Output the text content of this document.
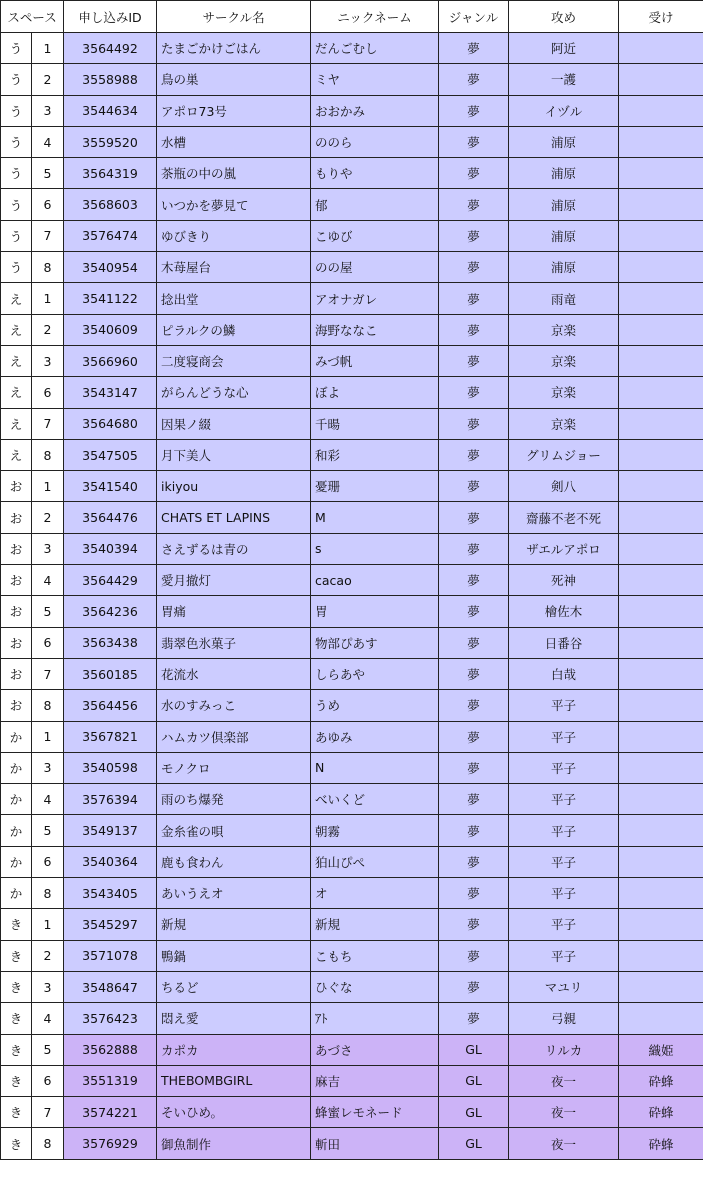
スペース		申し込みID	サークル名	ニックネーム	ジャンル	攻め	受け
う	1	3564492	たまごかけごはん	だんごむし	夢	阿近	
う	2	3558988	鳥の巣	ミヤ	夢	一護	
う	3	3544634	アポロ73号	おおかみ	夢	イヅル	
う	4	3559520	水槽	ののら	夢	浦原	
う	5	3564319	茶瓶の中の嵐	もりや	夢	浦原	
う	6	3568603	いつかを夢見て	郁	夢	浦原	
う	7	3576474	ゆびきり	こゆび	夢	浦原	
う	8	3540954	木苺屋台	のの屋	夢	浦原	
え	1	3541122	捻出堂	アオナガレ	夢	雨竜	
え	2	3540609	ピラルクの鱗	海野ななこ	夢	京楽	
え	3	3566960	二度寝商会	みづ帆	夢	京楽	
え	6	3543147	がらんどうな心	ぼよ	夢	京楽	
え	7	3564680	因果ノ綴	千暘	夢	京楽	
え	8	3547505	月下美人	和彩	夢	グリムジョー	
お	1	3541540	ikiyou	憂珊	夢	剣八	
お	2	3564476	CHATS ET LAPINS	M	夢	齋藤不老不死	
お	3	3540394	さえずるは青の	s	夢	ザエルアポロ	
お	4	3564429	愛月撤灯	cacao	夢	死神	
お	5	3564236	胃痛	胃	夢	檜佐木	
お	6	3563438	翡翠色氷菓子	物部ぴあす	夢	日番谷	
お	7	3560185	花流水	しらあや	夢	白哉	
お	8	3564456	水のすみっこ	うめ	夢	平子	
か	1	3567821	ハムカツ倶楽部	あゆみ	夢	平子	
か	3	3540598	モノクロ	N	夢	平子	
か	4	3576394	雨のち爆発	べいくど	夢	平子	
か	5	3549137	金糸雀の唄	朝霧	夢	平子	
か	6	3540364	鹿も食わん	狛山ぴぺ	夢	平子	
か	8	3543405	あいうえオ	オ	夢	平子	
き	1	3545297	新規	新規	夢	平子	
き	2	3571078	鴨鍋	こもち	夢	平子	
き	3	3548647	ちるど	ひぐな	夢	マユリ	
き	4	3576423	悶え愛	ｱﾄ	夢	弓親	
き	5	3562888	カポカ	あづさ	GL	リルカ	織姫
き	6	3551319	THEBOMBGIRL	麻吉	GL	夜一	砕蜂
き	7	3574221	そいひめ。	蜂蜜レモネード	GL	夜一	砕蜂
き	8	3576929	御魚制作	斬田	GL	夜一	砕蜂
